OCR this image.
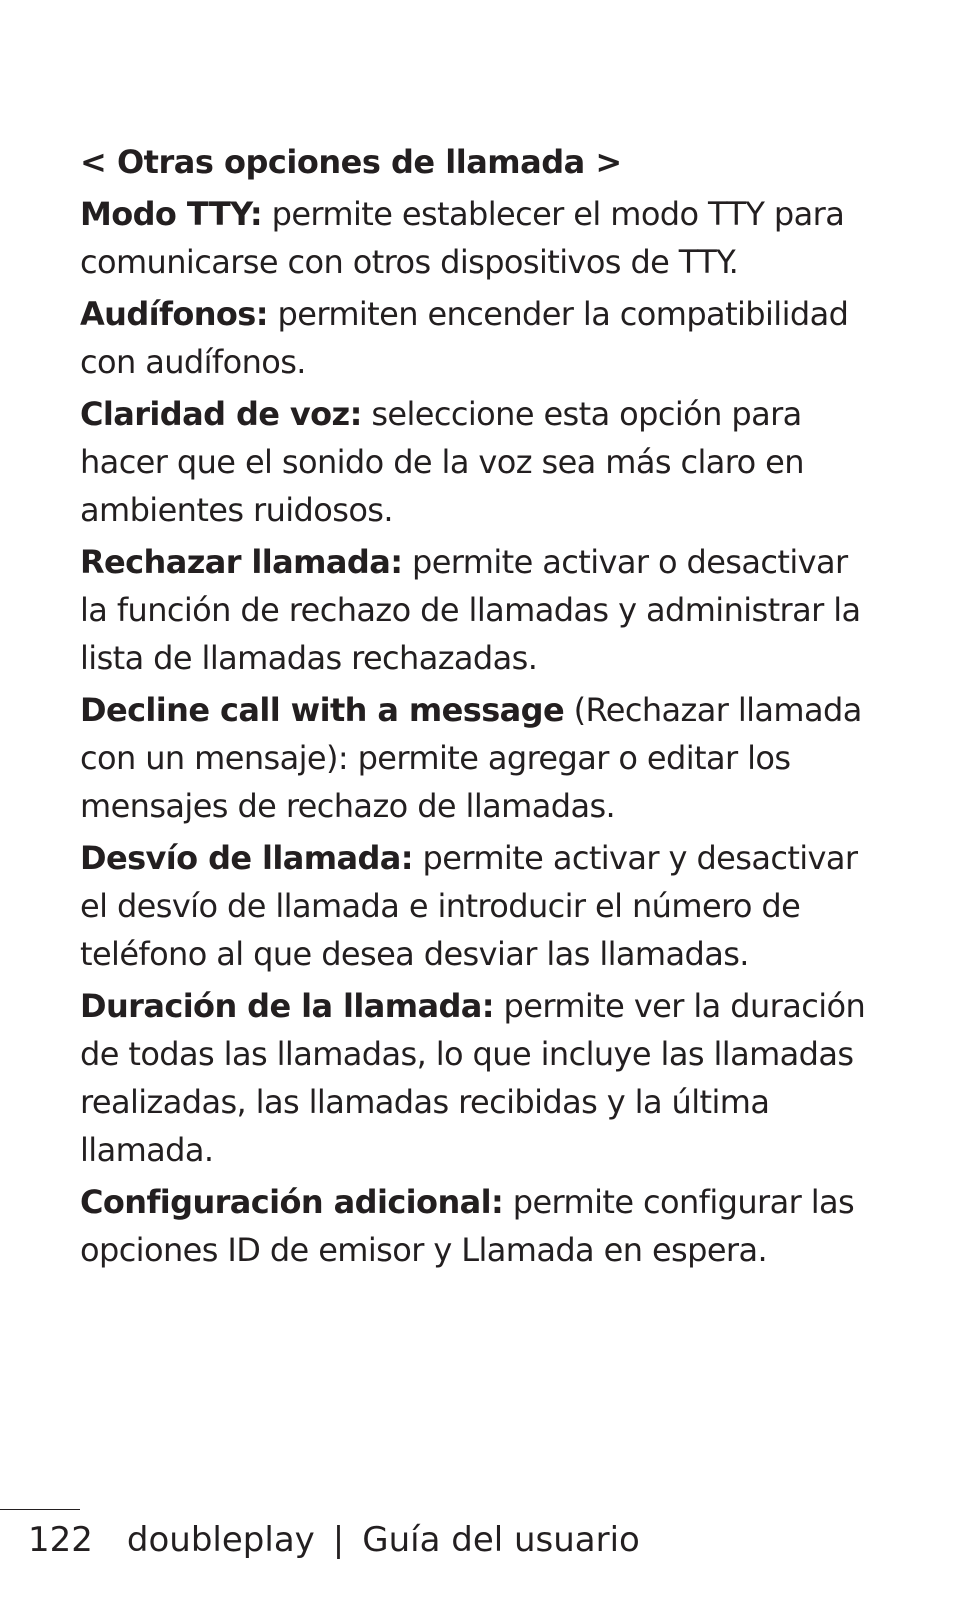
< Otras opciones de llamada >

Modo TTY: permite establecer el modo TTY para comunicarse con otros dispositivos de TTY.

Audífonos: permiten encender la compatibilidad con audífonos.

Claridad de voz: seleccione esta opción para hacer que el sonido de la voz sea más claro en ambientes ruidosos.

Rechazar llamada: permite activar o desactivar la función de rechazo de llamadas y administrar la lista de llamadas rechazadas.

Decline call with a message (Rechazar llamada con un mensaje): permite agregar o editar los mensajes de rechazo de llamadas.

Desvío de llamada: permite activar y desactivar el desvío de llamada e introducir el número de teléfono al que desea desviar las llamadas.

Duración de la llamada: permite ver la duración de todas las llamadas, lo que incluye las llamadas realizadas, las llamadas recibidas y la última llamada.

Configuración adicional: permite configurar las opciones ID de emisor y Llamada en espera.

122 doubleplay | Guía del usuario
